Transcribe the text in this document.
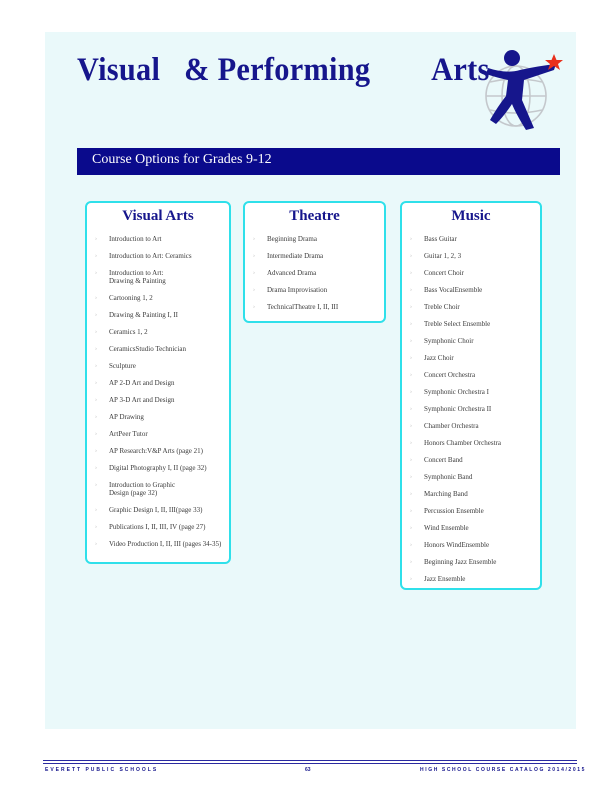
Visual & Performing Arts
Course Options for Grades 9-12
Visual Arts
› Introduction to Art
› Introduction to Art: Ceramics
› Introduction to Art: Drawing & Painting
› Cartooning 1, 2
› Drawing & Painting I, II
› Ceramics 1, 2
› CeramicsStudio Technician
› Sculpture
› AP 2-D Art and Design
› AP 3-D Art and Design
› AP Drawing
› ArtPeer Tutor
› AP Research:V&P Arts (page 21)
› Digital Photography I, II (page 32)
› Introduction to Graphic Design (page 32)
› Graphic Design I, II, III(page 33)
› Publications I, II, III, IV (page 27)
› Video Production I, II, III (pages 34-35)
Theatre
› Beginning Drama
› Intermediate Drama
› Advanced Drama
› Drama Improvisation
› TechnicalTheatre I, II, III
Music
› Bass Guitar
› Guitar 1, 2, 3
› Concert Choir
› Bass VocalEnsemble
› Treble Choir
› Treble Select Ensemble
› Symphonic Choir
› Jazz Choir
› Concert Orchestra
› Symphonic Orchestra I
› Symphonic Orchestra II
› Chamber Orchestra
› Honors Chamber Orchestra
› Concert Band
› Symphonic Band
› Marching Band
› Percussion Ensemble
› Wind Ensemble
› Honors WindEnsemble
› Beginning Jazz Ensemble
› Jazz Ensemble
EVERETT PUBLIC SCHOOLS	63	HIGH SCHOOL COURSE CATALOG 2014/2015
